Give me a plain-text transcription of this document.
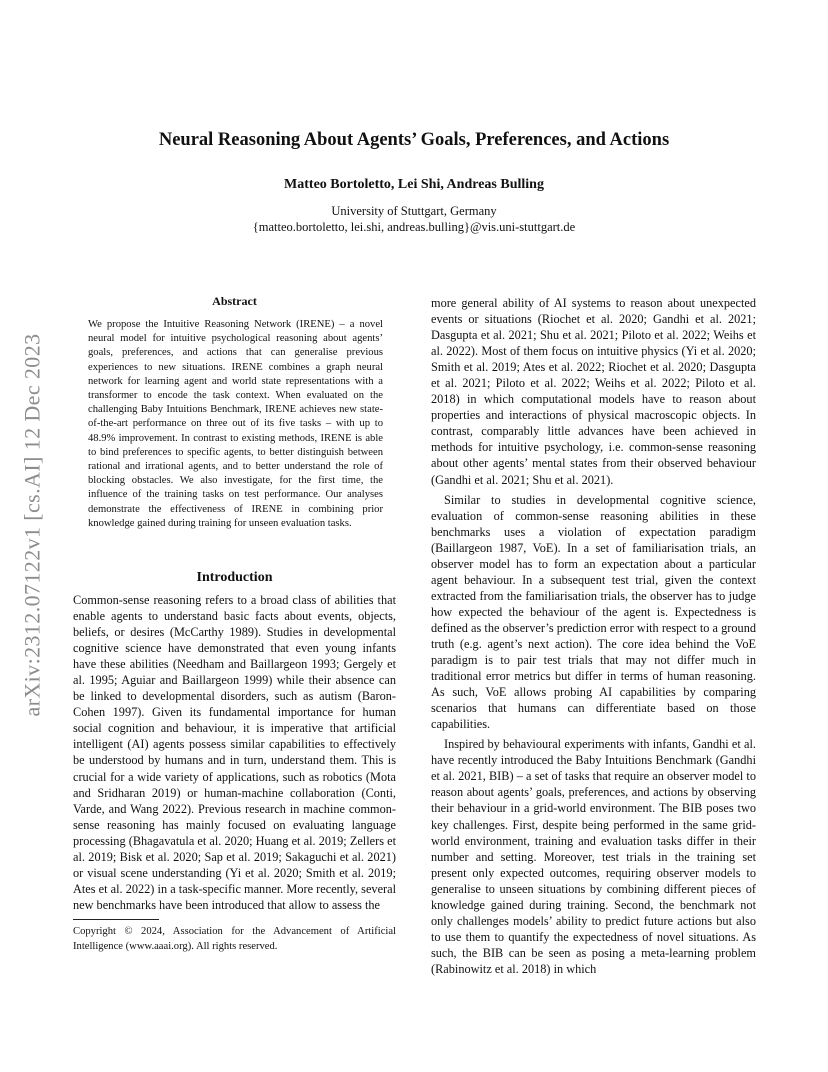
arXiv:2312.07122v1 [cs.AI] 12 Dec 2023
Neural Reasoning About Agents’ Goals, Preferences, and Actions
Matteo Bortoletto, Lei Shi, Andreas Bulling
University of Stuttgart, Germany
{matteo.bortoletto, lei.shi, andreas.bulling}@vis.uni-stuttgart.de
Abstract
We propose the Intuitive Reasoning Network (IRENE) – a novel neural model for intuitive psychological reasoning about agents’ goals, preferences, and actions that can generalise previous experiences to new situations. IRENE combines a graph neural network for learning agent and world state representations with a transformer to encode the task context. When evaluated on the challenging Baby Intuitions Benchmark, IRENE achieves new state-of-the-art performance on three out of its five tasks – with up to 48.9% improvement. In contrast to existing methods, IRENE is able to bind preferences to specific agents, to better distinguish between rational and irrational agents, and to better understand the role of blocking obstacles. We also investigate, for the first time, the influence of the training tasks on test performance. Our analyses demonstrate the effectiveness of IRENE in combining prior knowledge gained during training for unseen evaluation tasks.
Introduction

Common-sense reasoning refers to a broad class of abilities that enable agents to understand basic facts about events, objects, beliefs, or desires (McCarthy 1989). Studies in developmental cognitive science have demonstrated that even young infants have these abilities (Needham and Baillargeon 1993; Gergely et al. 1995; Aguiar and Baillargeon 1999) while their absence can be linked to developmental disorders, such as autism (Baron-Cohen 1997). Given its fundamental importance for human social cognition and behaviour, it is imperative that artificial intelligent (AI) agents possess similar capabilities to effectively be understood by humans and in turn, understand them. This is crucial for a wide variety of applications, such as robotics (Mota and Sridharan 2019) or human-machine collaboration (Conti, Varde, and Wang 2022). Previous research in machine common-sense reasoning has mainly focused on evaluating language processing (Bhagavatula et al. 2020; Huang et al. 2019; Zellers et al. 2019; Bisk et al. 2020; Sap et al. 2019; Sakaguchi et al. 2021) or visual scene understanding (Yi et al. 2020; Smith et al. 2019; Ates et al. 2022) in a task-specific manner. More recently, several new benchmarks have been introduced that allow to assess the

more general ability of AI systems to reason about unexpected events or situations (Riochet et al. 2020; Gandhi et al. 2021; Dasgupta et al. 2021; Shu et al. 2021; Piloto et al. 2022; Weihs et al. 2022). Most of them focus on intuitive physics (Yi et al. 2020; Smith et al. 2019; Ates et al. 2022; Riochet et al. 2020; Dasgupta et al. 2021; Piloto et al. 2022; Weihs et al. 2022; Piloto et al. 2018) in which computational models have to reason about properties and interactions of physical macroscopic objects. In contrast, comparably little advances have been achieved in methods for intuitive psychology, i.e. common-sense reasoning about other agents’ mental states from their observed behaviour (Gandhi et al. 2021; Shu et al. 2021).

Similar to studies in developmental cognitive science, evaluation of common-sense reasoning abilities in these benchmarks uses a violation of expectation paradigm (Baillargeon 1987, VoE). In a set of familiarisation trials, an observer model has to form an expectation about a particular agent behaviour. In a subsequent test trial, given the context extracted from the familiarisation trials, the observer has to judge how expected the behaviour of the agent is. Expectedness is defined as the observer’s prediction error with respect to a ground truth (e.g. agent’s next action). The core idea behind the VoE paradigm is to pair test trials that may not differ much in traditional error metrics but differ in terms of human reasoning. As such, VoE allows probing AI capabilities by comparing scenarios that humans can differentiate based on those capabilities.

Inspired by behavioural experiments with infants, Gandhi et al. have recently introduced the Baby Intuitions Benchmark (Gandhi et al. 2021, BIB) – a set of tasks that require an observer model to reason about agents’ goals, preferences, and actions by observing their behaviour in a grid-world environment. The BIB poses two key challenges. First, despite being performed in the same grid-world environment, training and evaluation tasks differ in their number and setting. Moreover, test trials in the training set present only expected outcomes, requiring observer models to generalise to unseen situations by combining different pieces of knowledge gained during training. Second, the benchmark not only challenges models’ ability to predict future actions but also to use them to quantify the expectedness of novel situations. As such, the BIB can be seen as posing a meta-learning problem (Rabinowitz et al. 2018) in which

Copyright © 2024, Association for the Advancement of Artificial Intelligence (www.aaai.org). All rights reserved.
